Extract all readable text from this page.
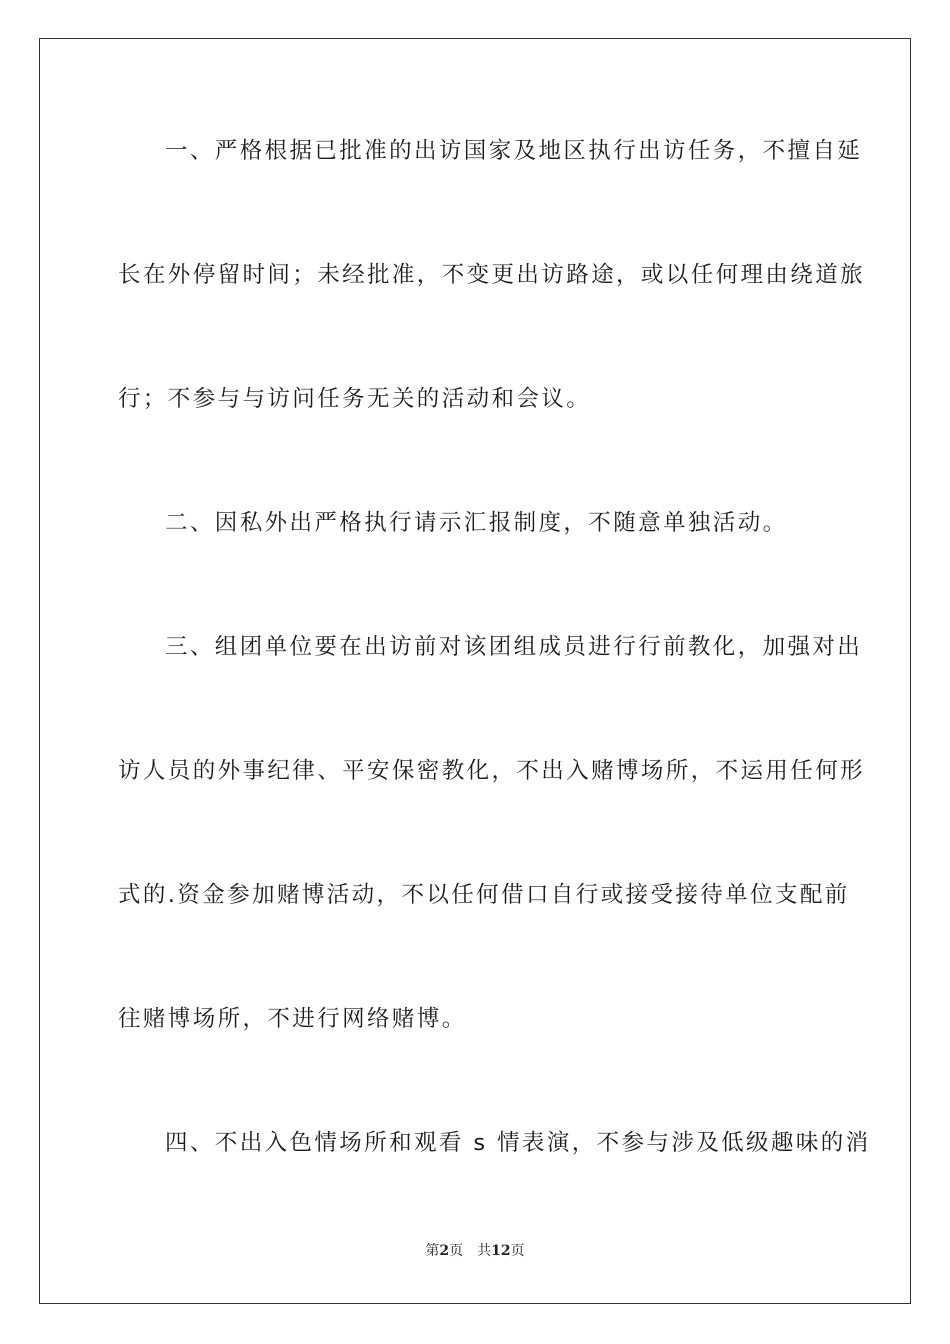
一、严格根据已批准的出访国家及地区执行出访任务，不擅自延
长在外停留时间；未经批准，不变更出访路途，或以任何理由绕道旅
行；不参与与访问任务无关的活动和会议。
二、因私外出严格执行请示汇报制度，不随意单独活动。
三、组团单位要在出访前对该团组成员进行行前教化，加强对出
访人员的外事纪律、平安保密教化，不出入赌博场所，不运用任何形
式的.资金参加赌博活动，不以任何借口自行或接受接待单位支配前
往赌博场所，不进行网络赌博。
四、不出入色情场所和观看 s 情表演，不参与涉及低级趣味的消
第2页 共12页
